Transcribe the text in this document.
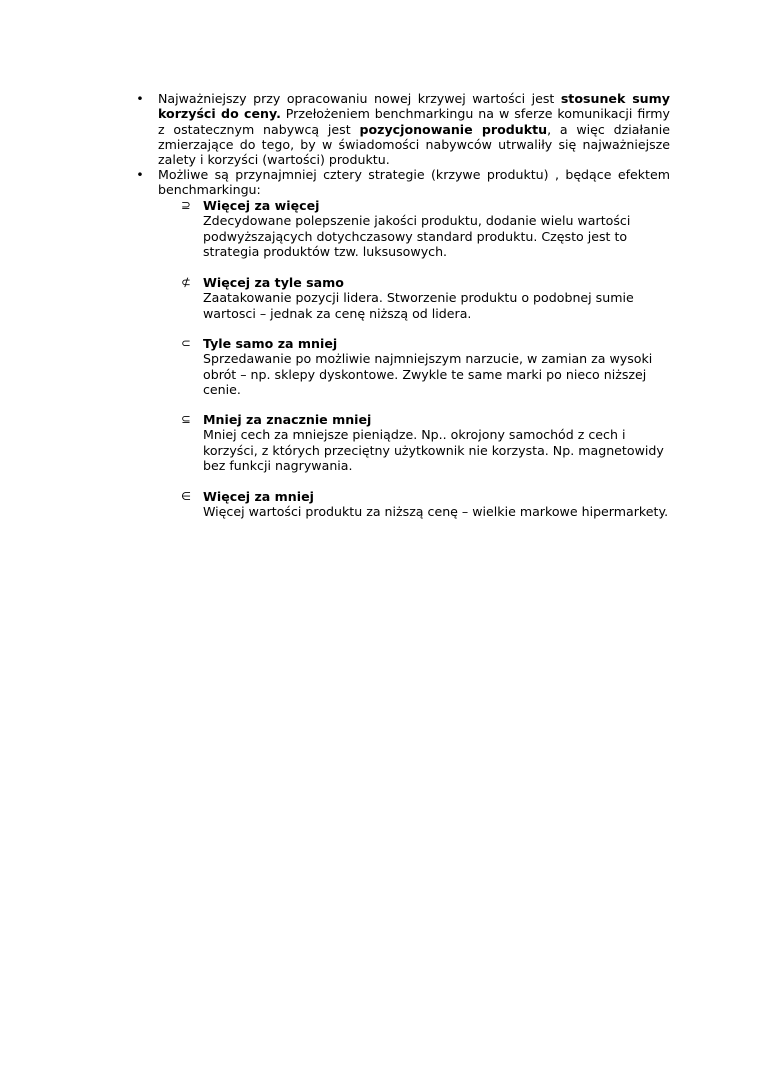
• Najważniejszy przy opracowaniu nowej krzywej wartości jest stosunek sumy korzyści do ceny. Przełożeniem benchmarkingu na w sferze komunikacji firmy z ostatecznym nabywcą jest pozycjonowanie produktu, a więc działanie zmierzające do tego, by w świadomości nabywców utrwaliły się najważniejsze zalety i korzyści (wartości) produktu.
• Możliwe są przynajmniej cztery strategie (krzywe produktu) , będące efektem benchmarkingu:
⊇ Więcej za więcej
Zdecydowane polepszenie jakości produktu, dodanie wielu wartości podwyższających dotychczasowy standard produktu. Często jest to strategia produktów tzw. luksusowych.
⊄ Więcej za tyle samo
Zaatakowanie pozycji lidera. Stworzenie produktu o podobnej sumie wartosci – jednak za cenę niższą od lidera.
⊂ Tyle samo za mniej
Sprzedawanie po możliwie najmniejszym narzucie, w zamian za wysoki obrót – np. sklepy dyskontowe. Zwykle te same marki po nieco niższej cenie.
⊆ Mniej za znacznie mniej
Mniej cech za mniejsze pieniądze. Np.. okrojony samochód z cech i korzyści, z których przeciętny użytkownik nie korzysta. Np. magnetowidy bez funkcji nagrywania.
∈ Więcej za mniej
Więcej wartości produktu za niższą cenę – wielkie markowe hipermarkety.
